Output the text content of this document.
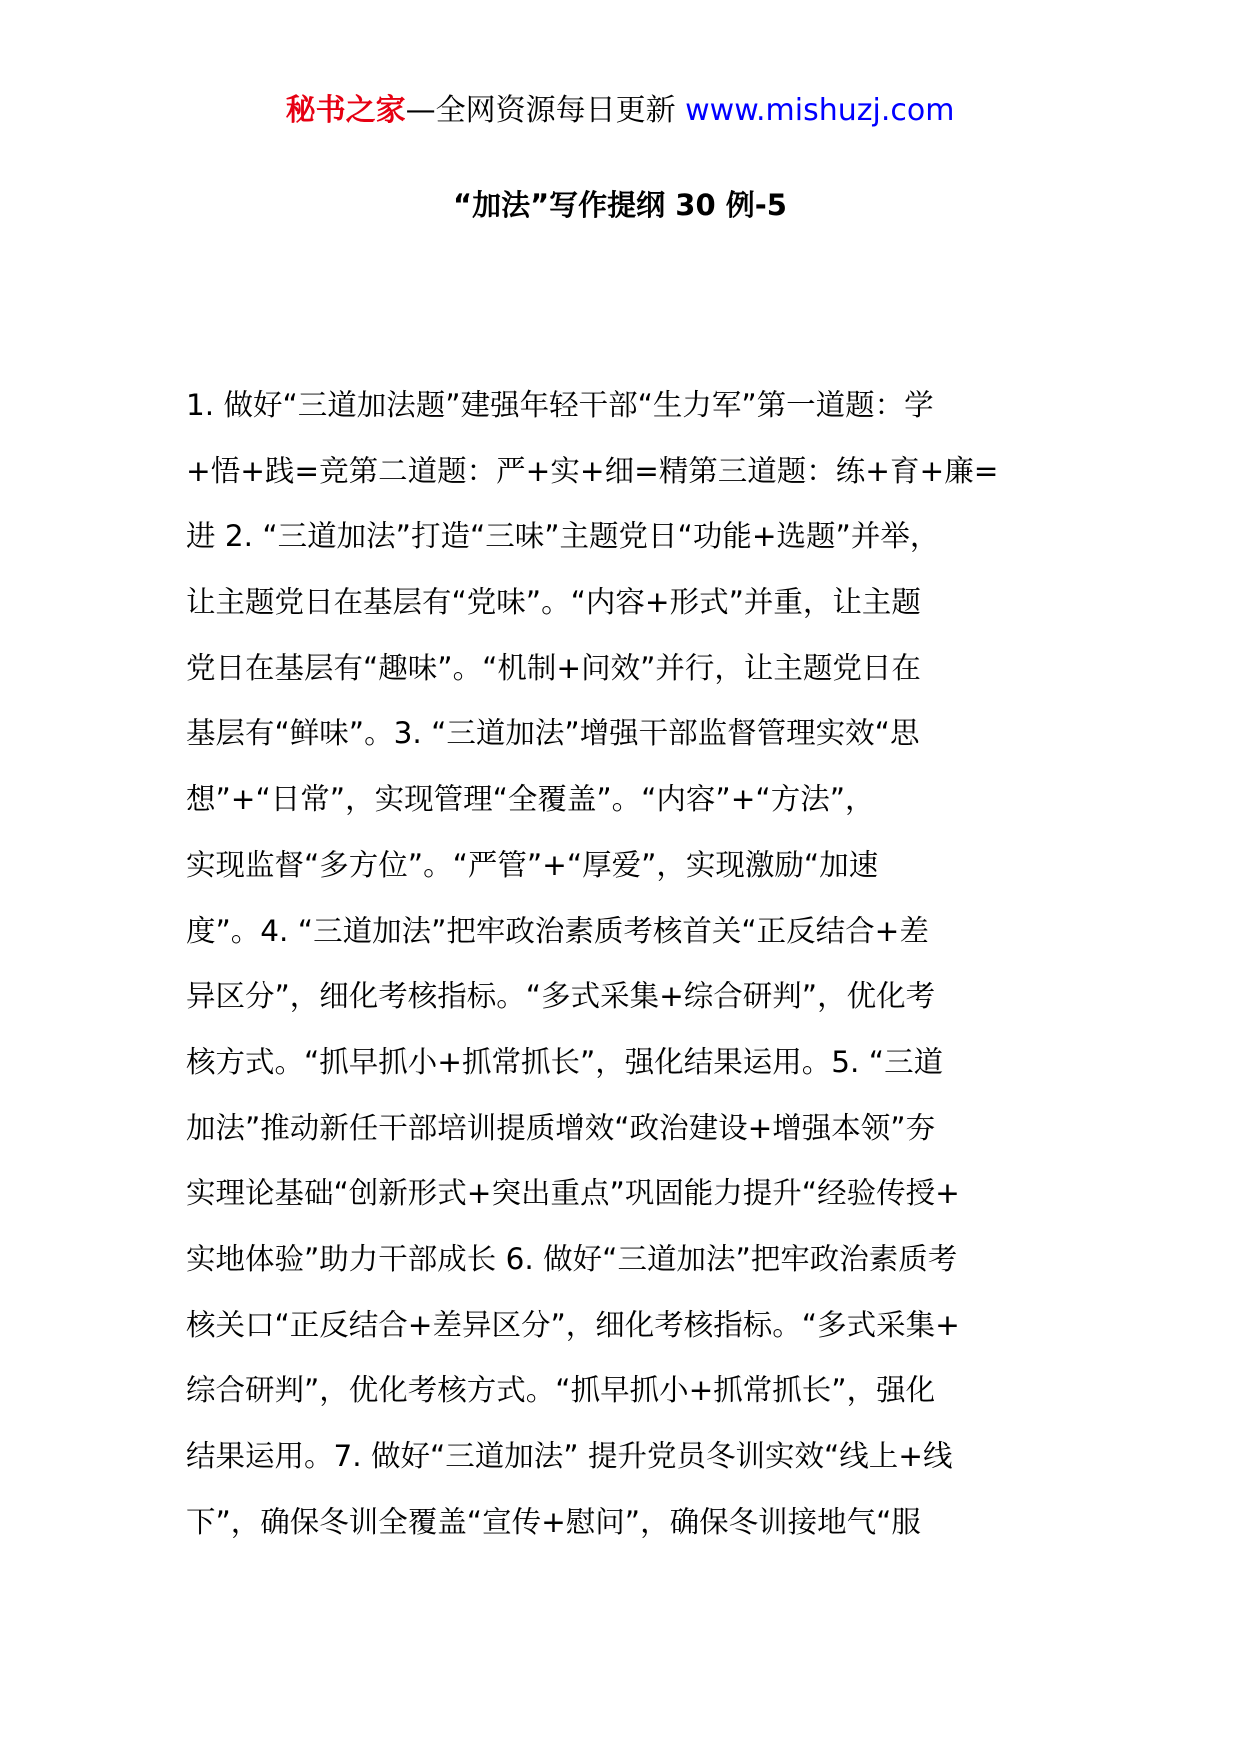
秘书之家—全网资源每日更新 www.mishuzj.com
“加法”写作提纲 30 例-5
1. 做好“三道加法题”建强年轻干部“生力军”第一道题：学
+悟+践=竞第二道题：严+实+细=精第三道题：练+育+廉=
进 2. “三道加法”打造“三味”主题党日“功能+选题”并举，
让主题党日在基层有“党味”。“内容+形式”并重，让主题
党日在基层有“趣味”。“机制+问效”并行，让主题党日在
基层有“鲜味”。3. “三道加法”增强干部监督管理实效“思
想”+“日常”，实现管理“全覆盖”。“内容”+“方法”，
实现监督“多方位”。“严管”+“厚爱”，实现激励“加速
度”。4. “三道加法”把牢政治素质考核首关“正反结合+差
异区分”，细化考核指标。“多式采集+综合研判”，优化考
核方式。“抓早抓小+抓常抓长”，强化结果运用。5. “三道
加法”推动新任干部培训提质增效“政治建设+增强本领”夯
实理论基础“创新形式+突出重点”巩固能力提升“经验传授+
实地体验”助力干部成长 6. 做好“三道加法”把牢政治素质考
核关口“正反结合+差异区分”，细化考核指标。“多式采集+
综合研判”，优化考核方式。“抓早抓小+抓常抓长”，强化
结果运用。7. 做好“三道加法” 提升党员冬训实效“线上+线
下”，确保冬训全覆盖“宣传+慰问”，确保冬训接地气“服
